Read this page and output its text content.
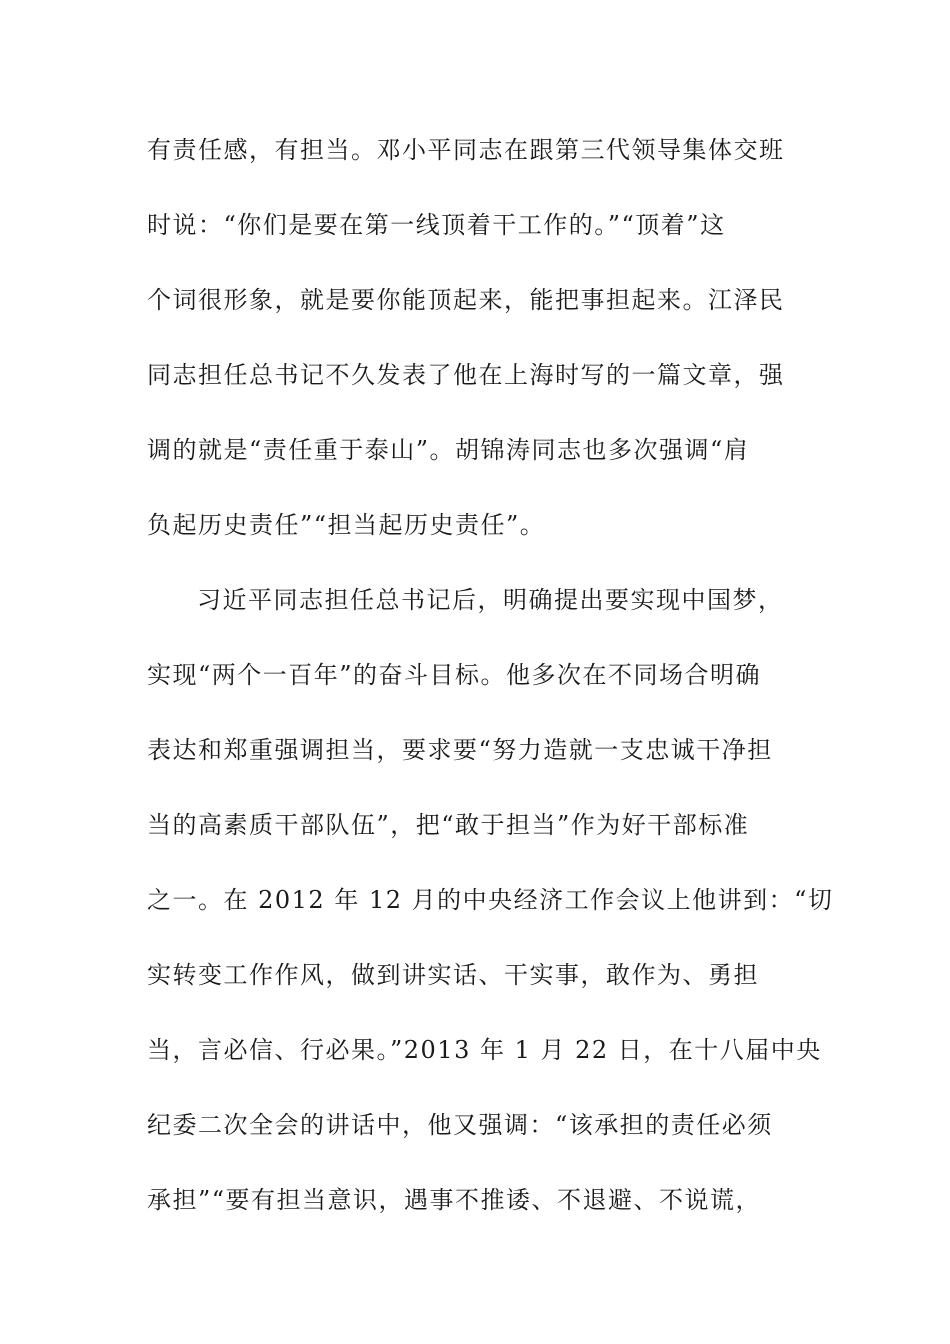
有责任感，有担当。邓小平同志在跟第三代领导集体交班
时说：“你们是要在第一线顶着干工作的。”“顶着”这
个词很形象，就是要你能顶起来，能把事担起来。江泽民
同志担任总书记不久发表了他在上海时写的一篇文章，强
调的就是“责任重于泰山”。胡锦涛同志也多次强调“肩
负起历史责任”“担当起历史责任”。
习近平同志担任总书记后，明确提出要实现中国梦，
实现“两个一百年”的奋斗目标。他多次在不同场合明确
表达和郑重强调担当，要求要“努力造就一支忠诚干净担
当的高素质干部队伍”，把“敢于担当”作为好干部标准
之一。在 2012 年 12 月的中央经济工作会议上他讲到：“切
实转变工作作风，做到讲实话、干实事，敢作为、勇担
当，言必信、行必果。”2013 年 1 月 22 日，在十八届中央
纪委二次全会的讲话中，他又强调：“该承担的责任必须
承担”“要有担当意识，遇事不推诿、不退避、不说谎，
